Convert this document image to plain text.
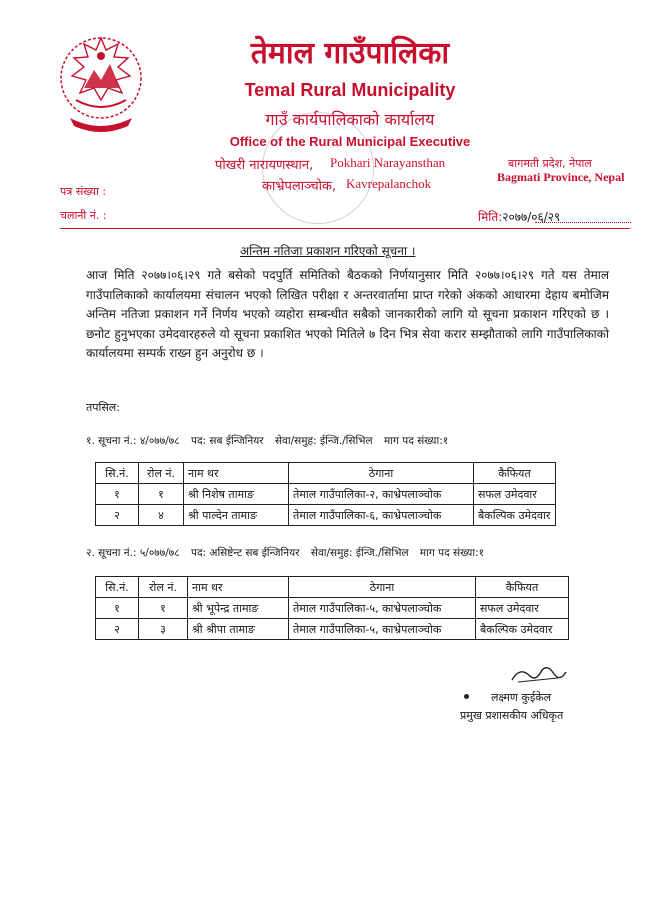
तेमाल गाउँपालिका
Temal Rural Municipality
गाउँ कार्यपालिकाको कार्यालय
Office of the Rural Municipal Executive
पोखरी नारायणस्थान, Pokhari Narayansthan
काभ्रेपलाञ्चोक, Kavrepalanchok
बागमती प्रदेश, नेपाल
Bagmati Province, Nepal
पत्र संख्या :
चलानी नं. :	मिति:२०७७/०६/२९
अन्तिम नतिजा प्रकाशन गरिएको सूचना ।
आज मिति २०७७।०६।२९ गते बसेको पदपुर्ति समितिको बैठकको निर्णयानुसार मिति २०७७।०६।२९ गते यस तेमाल गाउँपालिकाको कार्यालयमा संचालन भएको लिखित परीक्षा र अन्तरवार्तामा प्राप्त गरेको अंकको आधारमा देहाय बमोजिम अन्तिम नतिजा प्रकाशन गर्ने निर्णय भएको व्यहोरा सम्बन्धीत सबैको जानकारीको लागि यो सूचना प्रकाशन गरिएको छ । छनोट हुनुभएका उमेदवारहरुले यो सूचना प्रकाशित भएको मितिले ७ दिन भित्र सेवा करार सम्झौताको लागि गाउँपालिकाको कार्यालयमा सम्पर्क राख्न हुन अनुरोध छ ।
तपसिल:
१. सूचना नं.: ४/०७७/७८ पद: सब ईन्जिनियर सेवा/समुह: ईन्जि./सिभिल माग पद संख्या:१
सि.नं.	रोल नं.	नाम थर	ठेगाना	कैफियत
१	१	श्री निशेष तामाङ	तेमाल गाउँपालिका-२, काभ्रेपलाञ्चोक	सफल उमेदवार
२	४	श्री पाल्देन तामाङ	तेमाल गाउँपालिका-६, काभ्रेपलाञ्चोक	बैकल्पिक उमेदवार
२. सूचना नं.: ५/०७७/७८ पद: असिष्टेन्ट सब ईन्जिनियर सेवा/समुह: ईन्जि./सिभिल माग पद संख्या:१
सि.नं.	रोल नं.	नाम थर	ठेगाना	कैफियत
१	१	श्री भूपेन्द्र तामाङ	तेमाल गाउँपालिका-५, काभ्रेपलाञ्चोक	सफल उमेदवार
२	३	श्री श्रीपा तामाङ	तेमाल गाउँपालिका-५, काभ्रेपलाञ्चोक	बैकल्पिक उमेदवार
लक्ष्मण कुईकेल
प्रमुख प्रशासकीय अधिकृत
